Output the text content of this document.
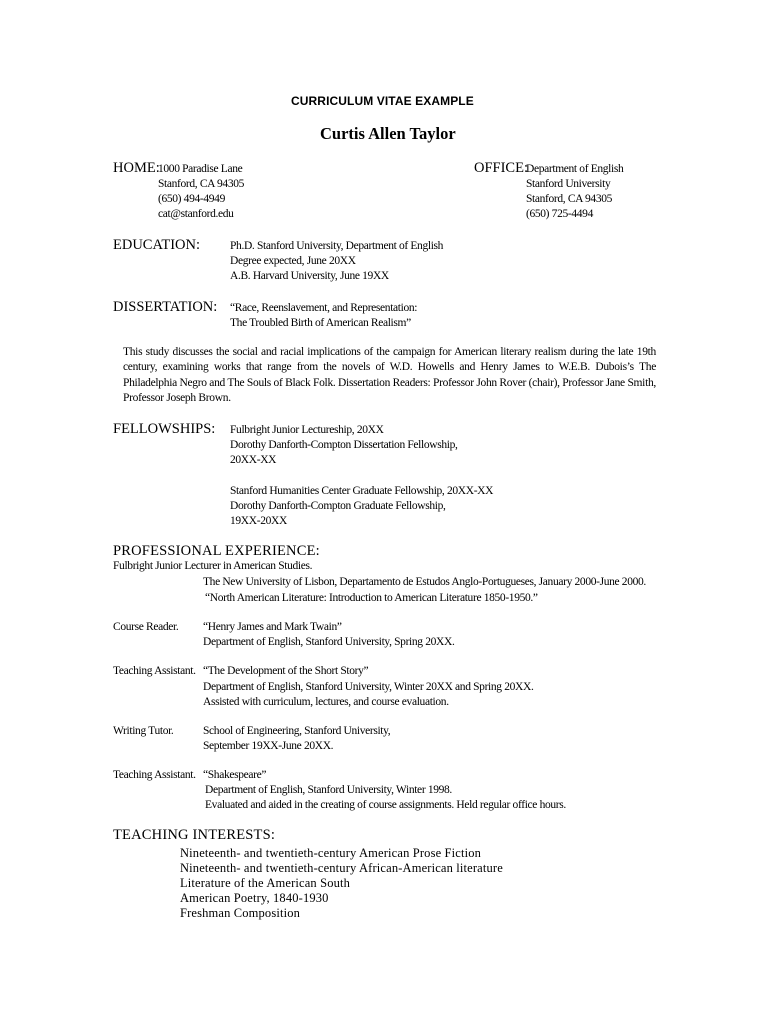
CURRICULUM VITAE EXAMPLE
Curtis Allen Taylor
HOME:
1000 Paradise Lane
Stanford, CA 94305
(650) 494-4949
cat@stanford.edu
OFFICE:
Department of English
Stanford University
Stanford, CA 94305
(650) 725-4494
EDUCATION:	Ph.D. Stanford University, Department of English
Degree expected, June 20XX
A.B. Harvard University, June 19XX
DISSERTATION: “Race, Reenslavement, and Representation:
The Troubled Birth of American Realism”
This study discusses the social and racial implications of the campaign for American literary realism during the late 19th century, examining works that range from the novels of W.D. Howells and Henry James to W.E.B. Dubois’s The Philadelphia Negro and The Souls of Black Folk. Dissertation Readers: Professor John Rover (chair), Professor Jane Smith, Professor Joseph Brown.
FELLOWSHIPS: Fulbright Junior Lectureship, 20XX
Dorothy Danforth-Compton Dissertation Fellowship,
20XX-XX
Stanford Humanities Center Graduate Fellowship, 20XX-XX
Dorothy Danforth-Compton Graduate Fellowship,
19XX-20XX
PROFESSIONAL EXPERIENCE:
Fulbright Junior Lecturer in American Studies.
The New University of Lisbon, Departamento de Estudos Anglo-Portugueses, January 2000-June 2000.
“North American Literature: Introduction to American Literature 1850-1950.”
Course Reader. “Henry James and Mark Twain”
Department of English, Stanford University, Spring 20XX.
Teaching Assistant. “The Development of the Short Story”
Department of English, Stanford University, Winter 20XX and Spring 20XX.
Assisted with curriculum, lectures, and course evaluation.
Writing Tutor.	School of Engineering, Stanford University,
September 19XX-June 20XX.
Teaching Assistant. “Shakespeare”
Department of English, Stanford University, Winter 1998.
Evaluated and aided in the creating of course assignments. Held regular office hours.
TEACHING INTERESTS:
Nineteenth- and twentieth-century American Prose Fiction
Nineteenth- and twentieth-century African-American literature
Literature of the American South
American Poetry, 1840-1930
Freshman Composition
